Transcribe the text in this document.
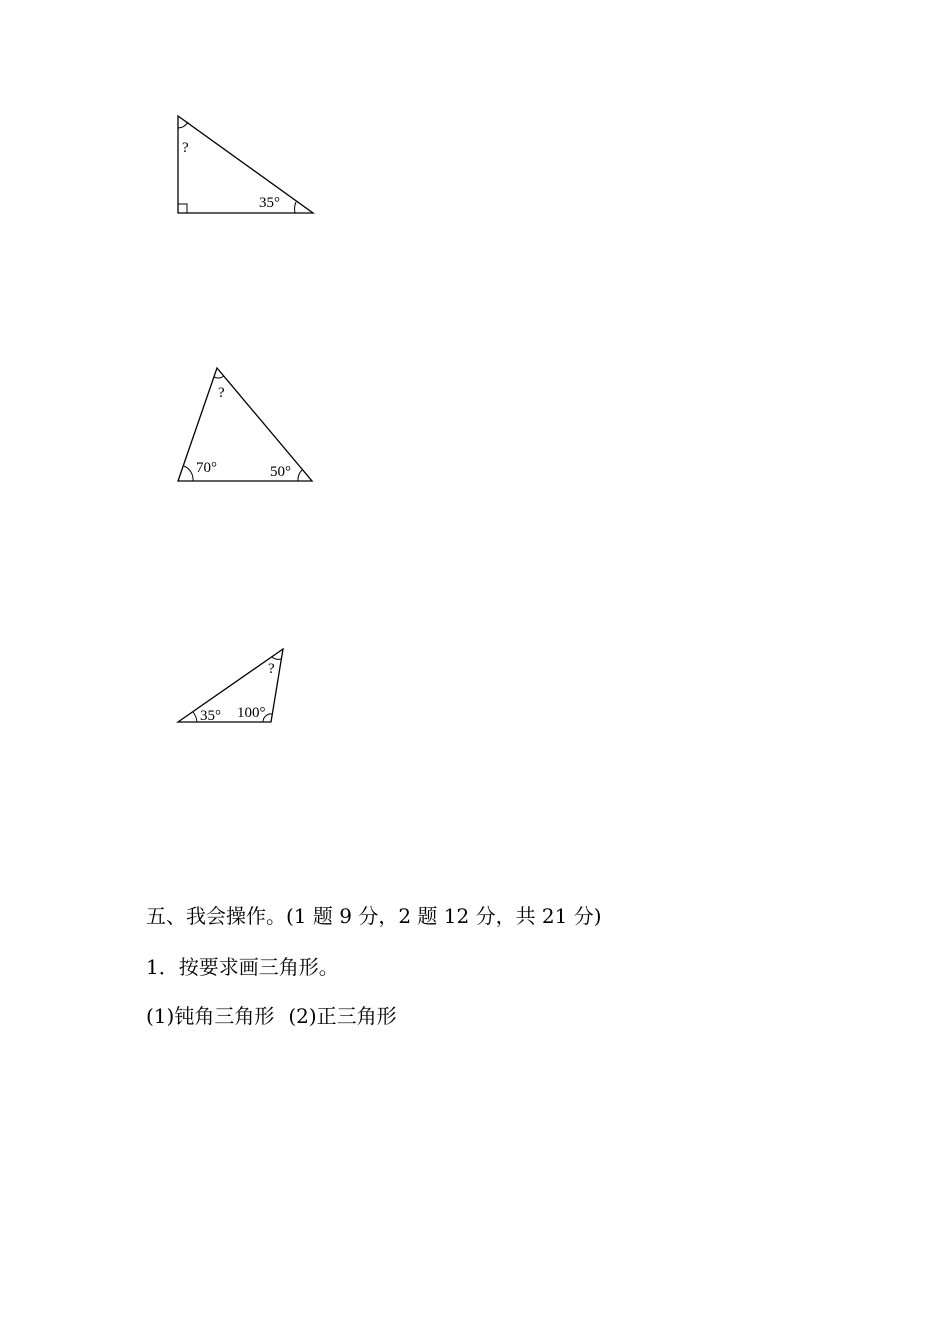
?
35°
?
70°	50°
?
35° 100°
五、我会操作。(1 题 9 分，2 题 12 分，共 21 分)
1．按要求画三角形。
(1)钝角三角形 (2)正三角形
